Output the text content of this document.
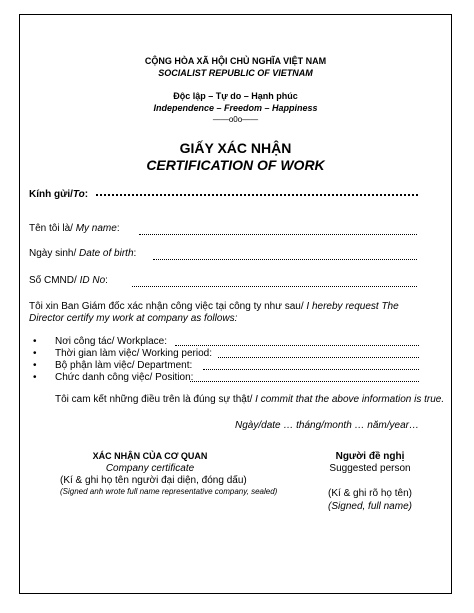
CỘNG HÒA XÃ HỘI CHỦ NGHĨA VIỆT NAM
SOCIALIST REPUBLIC OF VIETNAM
Độc lập – Tự do – Hạnh phúc
Independence – Freedom – Happiness
——o0o——
GIẤY XÁC NHẬN
CERTIFICATION OF WORK
Kính gửi/To:
Tên tôi là/ My name:
Ngày sinh/ Date of birth:
Số CMND/ ID No:
Tôi xin Ban Giám đốc xác nhận công việc tại công ty như sau/ I hereby request The
Director certify my work at company as follows:
• Nơi công tác/ Workplace:
• Thời gian làm việc/ Working period:
• Bộ phận làm việc/ Department:
• Chức danh công việc/ Position:
Tôi cam kết những điều trên là đúng sự thật/ I commit that the above information is true.
Ngày/date … tháng/month … năm/year…
XÁC NHẬN CỦA CƠ QUAN
Company certificate
(Kí & ghi họ tên người đại diện, đóng dấu)
(Signed anh wrote full name representative company, sealed)
Người đề nghị
Suggested person
(Kí & ghi rõ họ tên)
(Signed, full name)
